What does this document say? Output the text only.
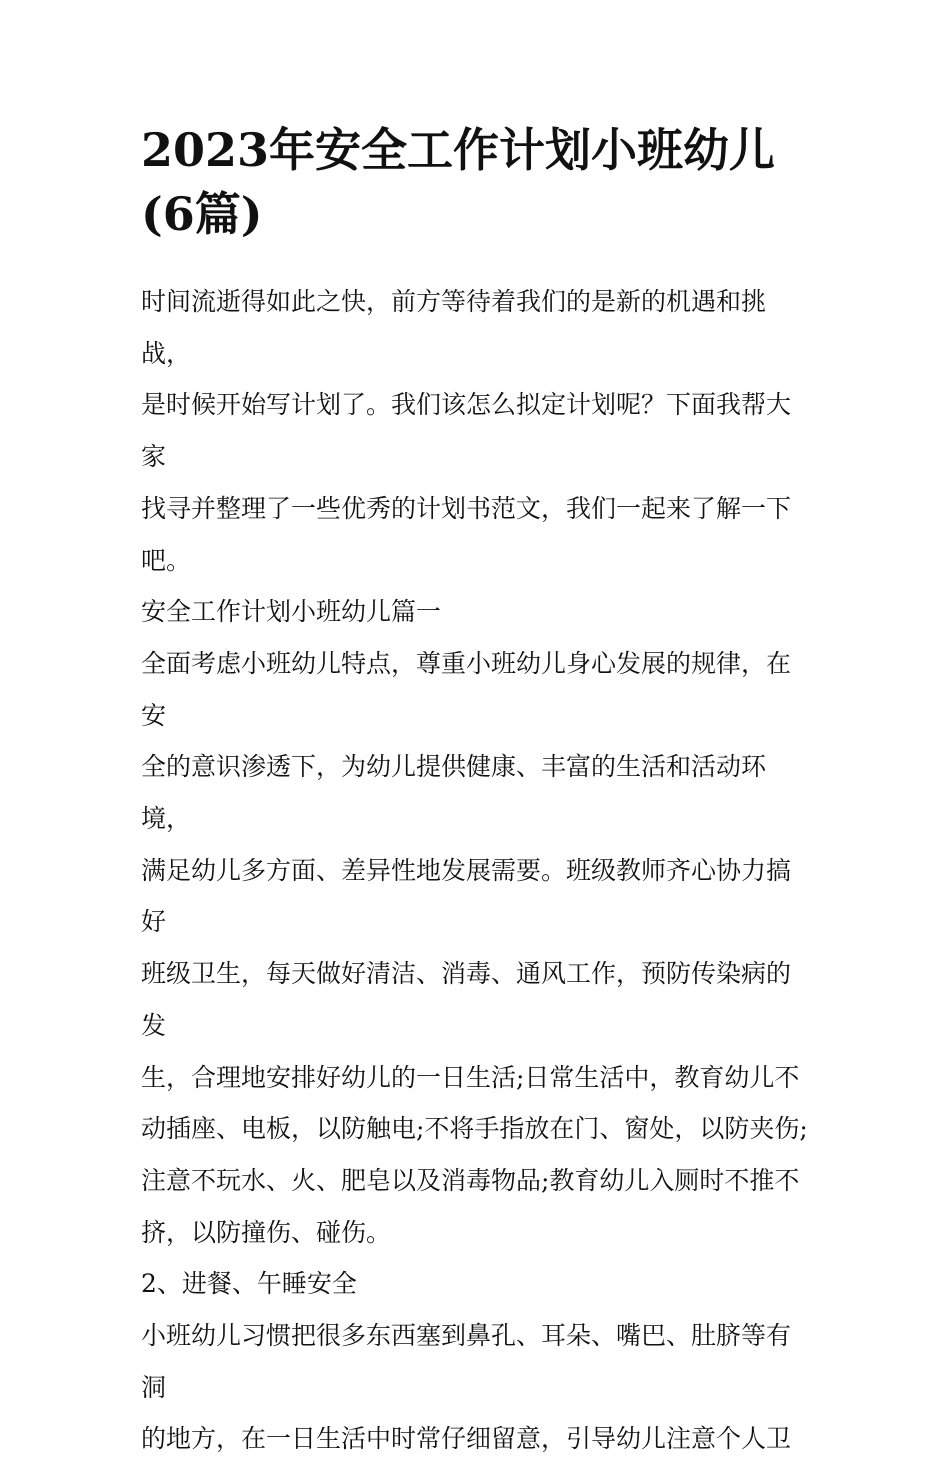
2023年安全工作计划小班幼儿
(6篇)

时间流逝得如此之快，前方等待着我们的是新的机遇和挑战，
是时候开始写计划了。我们该怎么拟定计划呢？下面我帮大家
找寻并整理了一些优秀的计划书范文，我们一起来了解一下
吧。

安全工作计划小班幼儿篇一

全面考虑小班幼儿特点，尊重小班幼儿身心发展的规律，在安
全的意识渗透下，为幼儿提供健康、丰富的生活和活动环境，
满足幼儿多方面、差异性地发展需要。班级教师齐心协力搞好
班级卫生，每天做好清洁、消毒、通风工作，预防传染病的发
生，合理地安排好幼儿的一日生活;日常生活中，教育幼儿不
动插座、电板，以防触电;不将手指放在门、窗处，以防夹伤;
注意不玩水、火、肥皂以及消毒物品;教育幼儿入厕时不推不
挤，以防撞伤、碰伤。

2、进餐、午睡安全

小班幼儿习惯把很多东西塞到鼻孔、耳朵、嘴巴、肚脐等有洞
的地方，在一日生活中时常仔细留意，引导幼儿注意个人卫
